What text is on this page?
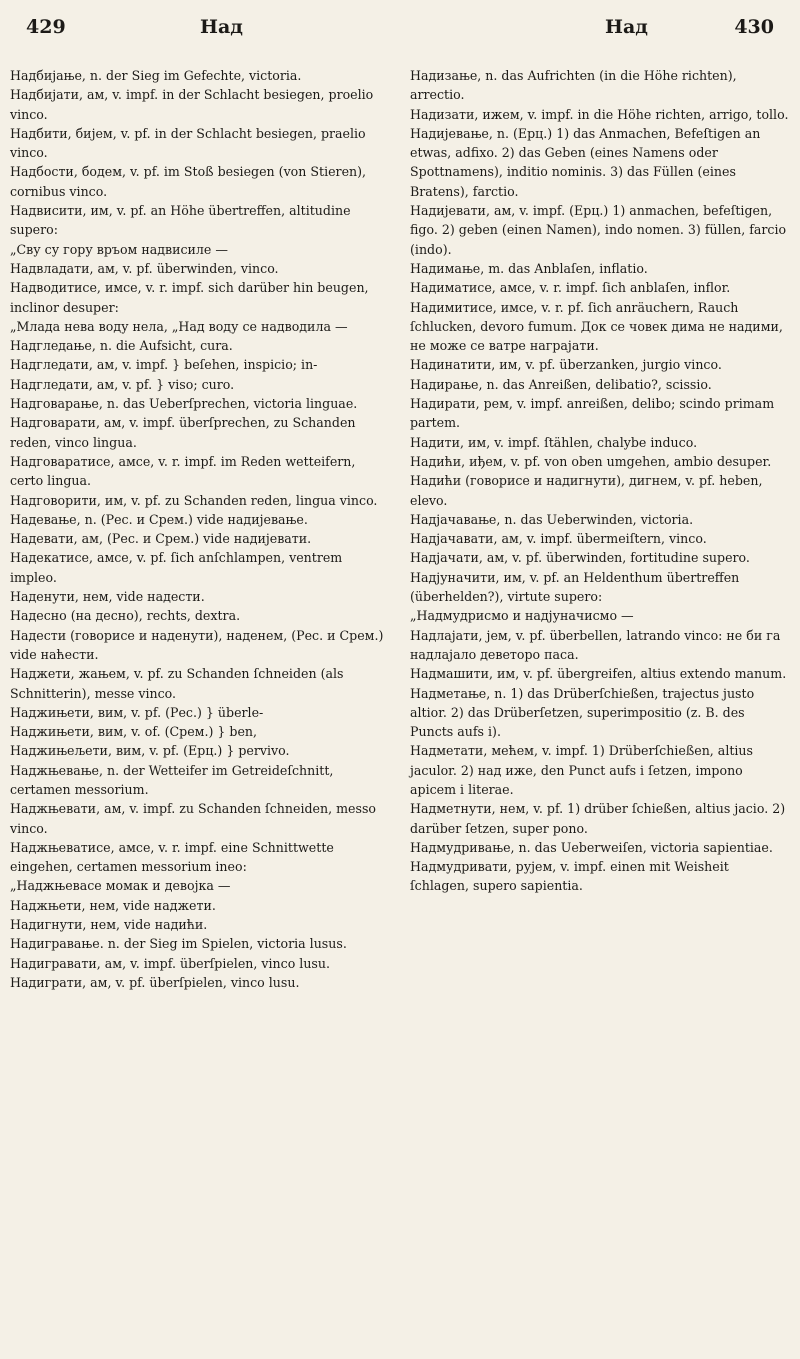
429	Над	Над	430
Надбијање, n. der Sieg im Gefechte, victoria.
Надбијати, ам, v. impf. in der Schlacht besiegen, proelio vinco.
Надбити, бијем, v. pf. in der Schlacht besiegen, praelio vinco.
Надбости, бодем, v. pf. im Stoß besiegen (von Stieren), cornibus vinco.
Надвисити, им, v. pf. an Höhe übertreffen, altitudine supero:
„Сву су гору връом надвисиле —
Надвладати, ам, v. pf. überwinden, vinco.
Надводитисе, имсе, v. r. impf. sich darüber hin beugen, inclinor desuper:
„Млада нева воду нела, „Над воду се надводила —
Надгледање, n. die Aufsicht, cura.
Надгледати, ам, v. impf. } beſehen, inspicio; in-
Надгледати, ам, v. pf. } viso; curo.
Надговарање, n. das Ueberſprechen, victoria linguae.
Надговарати, ам, v. impf. überſprechen, zu Schanden reden, vinco linguа.
Надговаратисе, амсе, v. r. impf. im Reden wetteifern, certo lingua.
Надговорити, им, v. pf. zu Schanden reden, lingua vinco.
Надевање, n. (Рес. и Срем.) vide надијевање.
Надевати, ам, (Рес. и Срем.) vide надијевати.
Надекатисе, амсе, v. pf. ſich anſchlampen, ventrem impleo.
Наденути, нем, vide надести.
Надесно (на десно), rechts, dextra.
Надести (говорисе и наденути), наденем, (Рес. и Срем.) vide наћести.
Наджети, жањем, v. pf. zu Schanden ſchneiden (als Schnitterin), messe vinco.
Наджињети, вим, v. pf. (Рес.) } überle-
Наджињети, вим, v. of. (Срем.) } ben,
Наджињељети, вим, v. pf. (Ерц.) } pervivo.
Наджњевање, n. der Wetteifer im Getreideſchnitt, certamen messorium.
Наджњевати, ам, v. impf. zu Schanden ſchneiden, messo vinco.
Наджњеватисе, амсе, v. r. impf. eine Schnittwette eingehen, certamen messorium ineo:
„Наджњевасе момак и девојка —
Наджњети, нем, vide наджети.
Надигнути, нем, vide надићи.
Надигравање. n. der Sieg im Spielen, victoria lusus.
Надигравати, ам, v. impf. überſpielen, vinco lusu.
Надиграти, ам, v. pf. überſpielen, vinco lusu.
Надизање, n. das Aufrichten (in die Höhe richten), arrectio.
Надизати, ижем, v. impf. in die Höhe richten, arrigo, tollo.
Надијевање, n. (Ерц.) 1) das Anmachen, Befeſtigen an etwas, adfixo. 2) das Geben (eines Namens oder Spottnamens), inditio nominis. 3) das Füllen (eines Bratens), farctio.
Надијевати, ам, v. impf. (Ерц.) 1) anmachen, befeſtigen, figo. 2) geben (einen Namen), indo nomen. 3) füllen, farcio (indo).
Надимање, m. das Anblaſen, inflatio.
Надиматисе, амсе, v. r. impf. ſich anblaſen, inflor.
Надимитисе, имсе, v. r. pf. ſich anräuchern, Rauch ſchlucken, devoro fumum. Док се човек дима не надими, не може се ватре награјати.
Надинатити, им, v. pf. überzanken, jurgio vinco.
Надирање, n. das Anreißen, delibatio?, scissio.
Надирати, рем, v. impf. anreißen, delibo; scindo primam partem.
Надити, им, v. impf. ſtählen, chalybe induco.
Надићи, иђем, v. pf. von oben umgehen, ambio desuper.
Надићи (говорисе и надигнути), дигнем, v. pf. heben, elevo.
Надјачавање, n. das Ueberwinden, victoria.
Надјачавати, ам, v. impf. übermeiſtern, vinco.
Надјачати, ам, v. pf. überwinden, fortitudine supero.
Надјуначити, им, v. pf. an Heldenthum übertreffen (überheldеn?), virtute supero:
„Надмудрисмо и надјуначисмо —
Надлајати, јем, v. pf. überbellen, latrando vinco: не би га надлајало деветоро паса.
Надмашити, им, v. pf. übergreifen, altius extendo manum.
Надметање, n. 1) das Drüberſchießen, trajectus justo altior. 2) das Drüberſetzen, superimpositio (z. B. des Puncts aufs i).
Надметати, мећем, v. impf. 1) Drüberſchießen, altius jaculor. 2) над иже, den Punct aufs i ſetzen, impono apicem i literae.
Надметнути, нем, v. pf. 1) drüber ſchießen, altius jacio. 2) darüber ſetzen, super pono.
Надмудривање, n. das Ueberweiſen, victoria sapientiae.
Надмудривати, рујем, v. impf. einen mit Weisheit ſchlagen, supero sapientia.
